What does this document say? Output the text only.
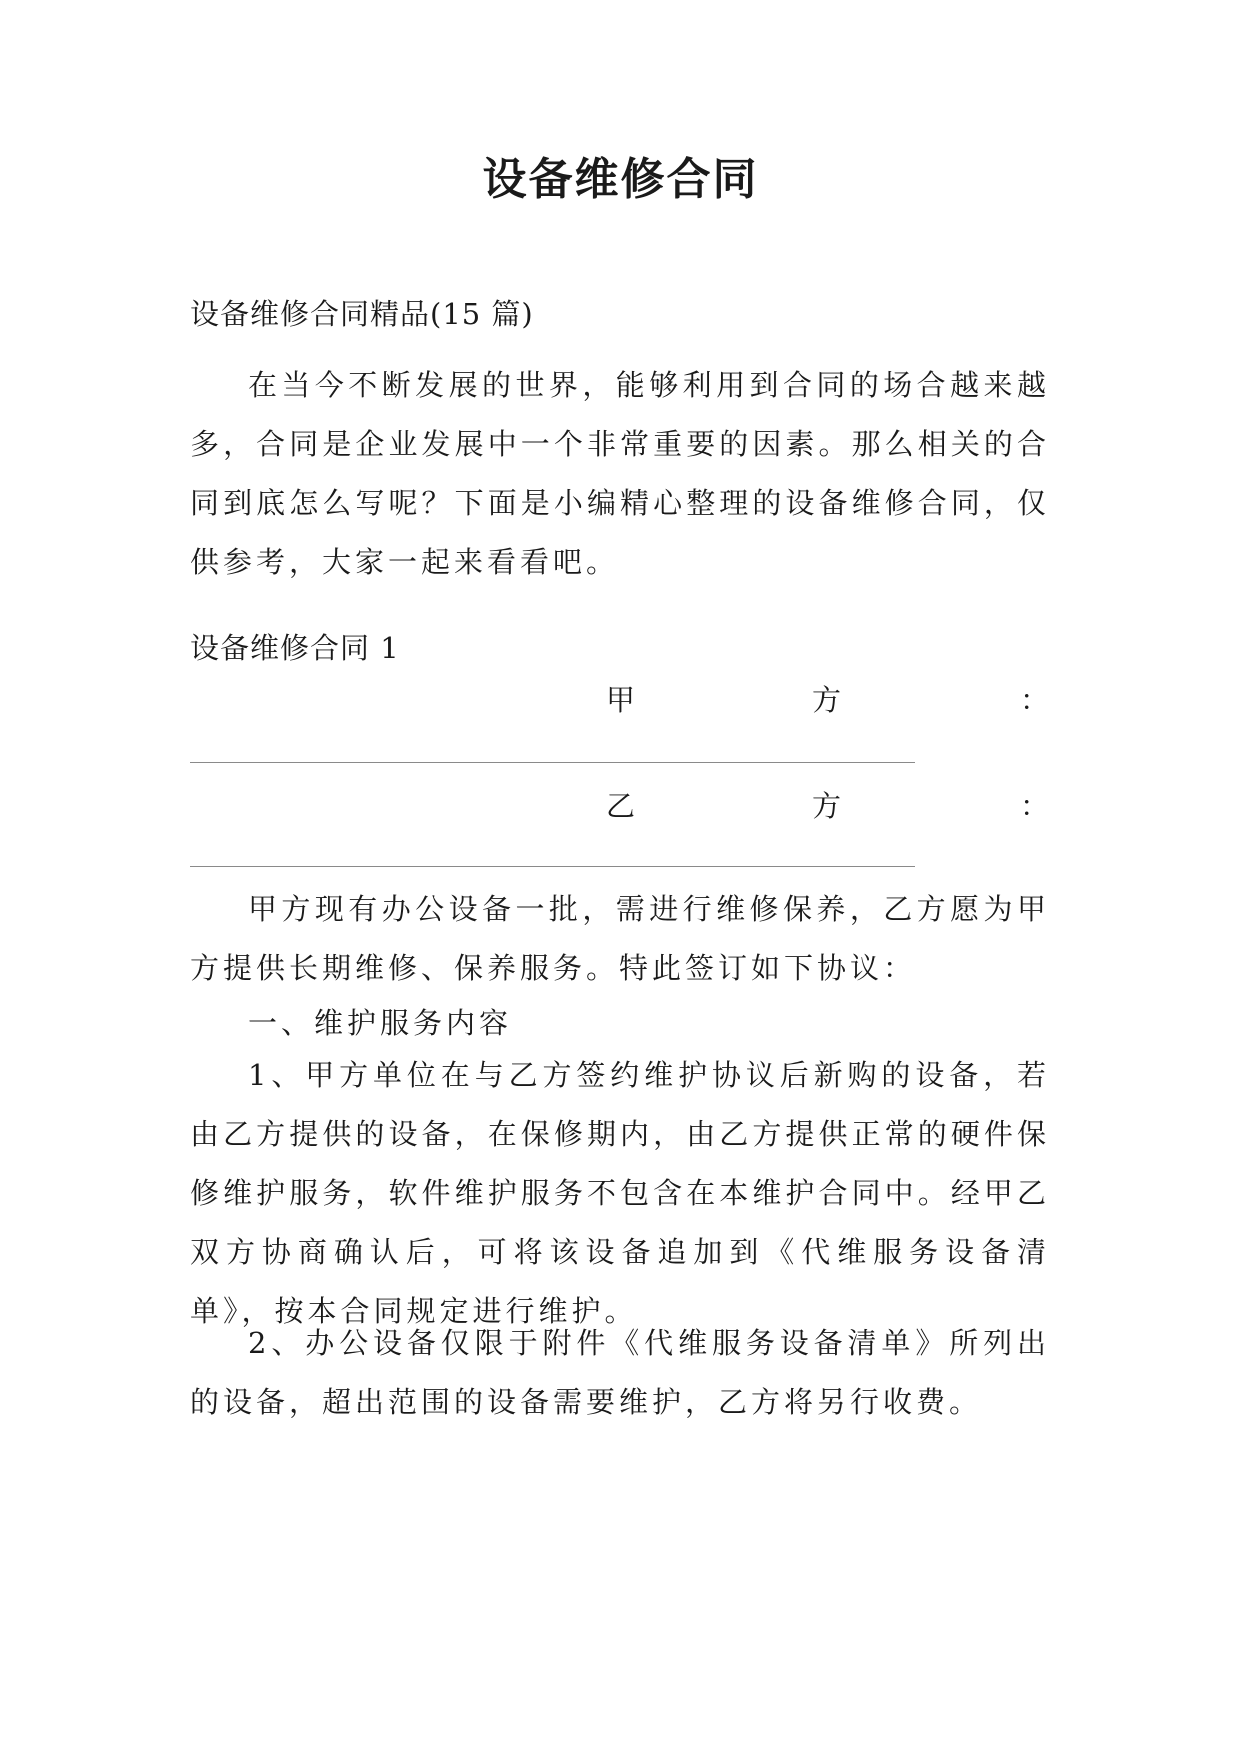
设备维修合同
设备维修合同精品(15 篇)

在当今不断发展的世界，能够利用到合同的场合越来越多，合同是企业发展中一个非常重要的因素。那么相关的合同到底怎么写呢？下面是小编精心整理的设备维修合同，仅供参考，大家一起来看看吧。

设备维修合同 1
甲	方	：
乙	方	：

甲方现有办公设备一批，需进行维修保养，乙方愿为甲方提供长期维修、保养服务。特此签订如下协议：

一、维护服务内容

1、甲方单位在与乙方签约维护协议后新购的设备，若由乙方提供的设备，在保修期内，由乙方提供正常的硬件保修维护服务，软件维护服务不包含在本维护合同中。经甲乙双方协商确认后，可将该设备追加到《代维服务设备清单》，按本合同规定进行维护。

2、办公设备仅限于附件《代维服务设备清单》所列出的设备，超出范围的设备需要维护，乙方将另行收费。
